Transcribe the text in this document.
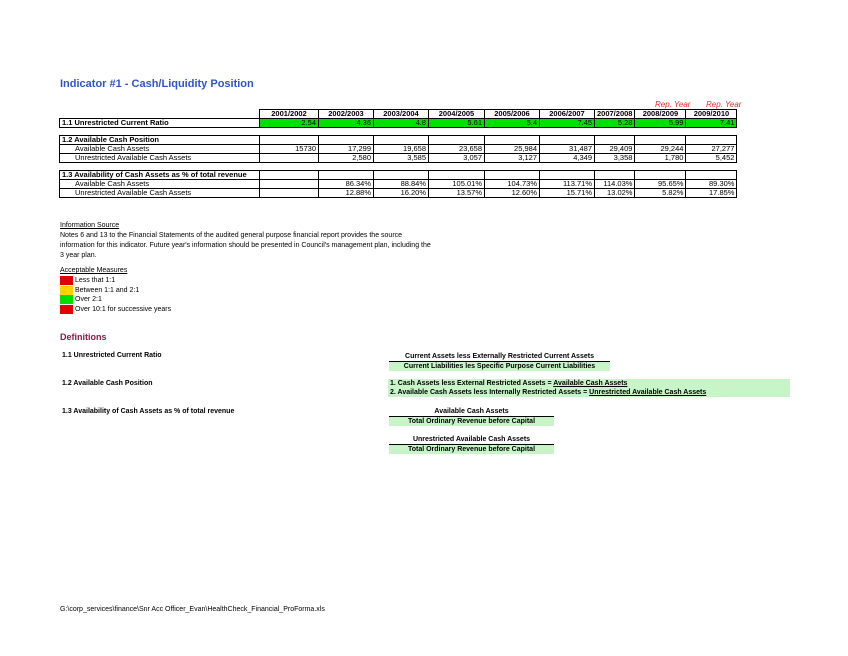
Indicator #1 - Cash/Liquidity Position
Rep. Year Rep. Year
	2001/2002	2002/2003	2003/2004	2004/2005	2005/2006	2006/2007	2007/2008	2008/2009	2009/2010
1.1 Unrestricted Current Ratio	2.54	4.36	4.8	5.61	5.4	7.45	5.28	5.99	7.41

1.2 Available Cash Position									
Available Cash Assets	15730	17,299	19,658	23,658	25,984	31,487	29,409	29,244	27,277
Unrestricted Available Cash Assets		2,580	3,585	3,057	3,127	4,349	3,358	1,780	5,452

1.3 Availability of Cash Assets as % of total revenue									
Available Cash Assets		86.34%	88.84%	105.01%	104.73%	113.71%	114.03%	95.65%	89.30%
Unrestricted Available Cash Assets		12.88%	16.20%	13.57%	12.60%	15.71%	13.02%	5.82%	17.85%
Information Source
Notes 6 and 13 to the Financial Statements of the audited general purpose financial report provides the source
information for this indicator. Future year's information should be presented in Council's management plan, including the
3 year plan.
Acceptable Measures
Less that 1:1
Between 1:1 and 2:1
Over 2:1
Over 10:1 for successive years
Definitions
1.1 Unrestricted Current Ratio	Current Assets less Externally Restricted Current Assets
Current Liabilities les Specific Purpose Current Liabilities
1.2 Available Cash Position	1. Cash Assets less External Restricted Assets = Available Cash Assets
2. Available Cash Assets less Internally Restricted Assets = Unrestricted Available Cash Assets
1.3 Availability of Cash Assets as % of total revenue	Available Cash Assets
Total Ordinary Revenue before Capital
Unrestricted Available Cash Assets
Total Ordinary Revenue before Capital
G:\corp_services\finance\Snr Acc Officer_Evan\HealthCheck_Financial_ProForma.xls
